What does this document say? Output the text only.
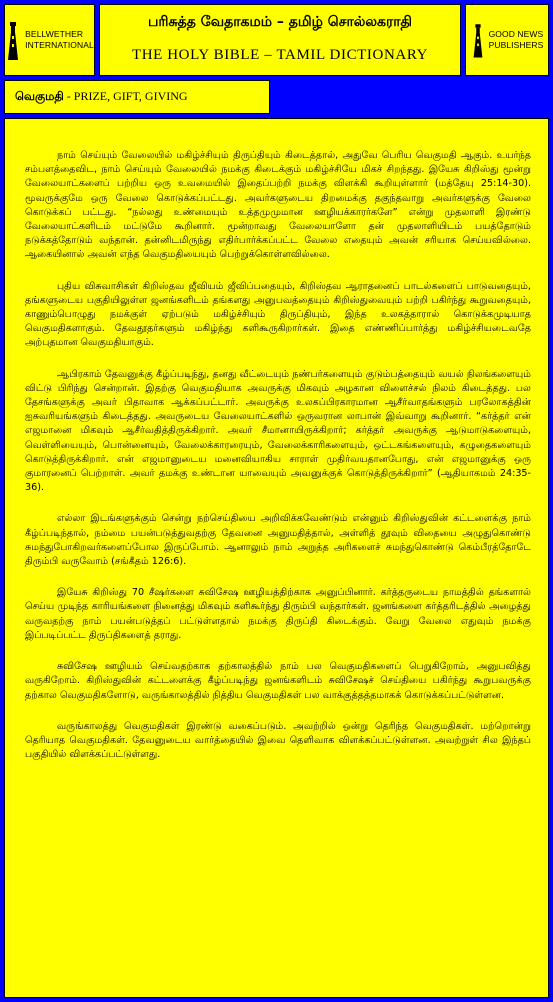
BELLWETHER
INTERNATIONAL
பரிசுத்த வேதாகமம் – தமிழ் சொல்லகராதி
THE HOLY BIBLE – TAMIL DICTIONARY
GOOD NEWS
PUBLISHERS
வெகுமதி - PRIZE, GIFT, GIVING

நாம் செய்யும் வேலையில் மகிழ்ச்சியும் திருப்தியும் கிடைத்தால், அதுவே பெரிய வெகுமதி ஆகும். உயர்ந்த சம்பளத்தைவிட, நாம் செய்யும் வேலையில் நமக்கு கிடைக்கும் மகிழ்ச்சியே மிகச் சிறந்தது. இயேசு கிறிஸ்து மூன்று வேலையாட்களைப் பற்றிய ஒரு உவமையில் இதைப்பற்றி நமக்கு விளக்கி கூறியுள்ளார் (மத்தேயு 25:14-30). மூவருக்குமே ஒரு வேலை கொடுக்கப்பட்டது. அவர்களுடைய திறமைக்கு தகுந்தவாறு அவர்களுக்கு வேலை கொடுக்கப் பட்டது. “நல்லது உண்மையும் உத்தமுமுமான ஊழியக்காரர்களே” என்று முதலாளி இரண்டு வேலையாட்களிடம் மட்டுமே கூறினார். மூன்றாவது வேலையாளோ தன் முதலாளியிடம் பயத்தோடும் நடுக்கத்தோடும் வந்தான். தன்னிடமிருந்து எதிர்பார்க்கப்பட்ட வேலை எதையும் அவன் சரியாக செய்யவில்லை. ஆகையினால் அவன் எந்த வெகுமதியையும் பெற்றுக்கொள்ளவில்லை.

புதிய விசுவாசிகள் கிறிஸ்தவ ஜீவியம் ஜீவிப்பதையும், கிறிஸ்தவ ஆராதனைப் பாடல்களைப் பாடுவதையும், தங்களுடைய பகுதியிலுள்ள ஜனங்களிடம் தங்களது அனுபவத்தையும் கிறிஸ்துவையும் பற்றி பகிர்ந்து கூறுவதையும், காணும்பொழுது நமக்குள் ஏற்படும் மகிழ்ச்சியும் திருப்தியும், இந்த உலகத்தாரால் கொடுக்கமுடியாத வெகுமதிகளாகும். தேவதூதர்களும் மகிழ்ந்து களிகூருகிறார்கள். இதை எண்ணிப்பார்த்து மகிழ்ச்சியடைவதே அற்புதமான வெகுமதியாகும்.

ஆபிரகாம் தேவனுக்கு கீழ்ப்படிந்து, தனது வீட்டையும் நண்பர்களையும் குடும்பத்தையும் வயல் நிலங்களையும் விட்டு பிரிந்து சென்றான். இதற்கு வெகுமதியாக அவருக்கு மிகவும் அழகான விளைச்சல் நிலம் கிடைத்தது. பல தேசங்களுக்கு அவர் பிதாவாக ஆக்கப்பட்டார். அவருக்கு உலகப்பிரகாரமான ஆசீர்வாதங்களும் பரலோகத்தின் ஐசுவரியங்களும் கிடைத்தது. அவருடைய வேலையாட்களில் ஒருவரான லாபான் இவ்வாறு கூறினார். “கர்த்தர் என் எஜமானை மிகவும் ஆசீர்வதித்திருக்கிறார். அவர் சீமானாயிருக்கிறார்; கர்த்தர் அவருக்கு ஆடுமாடுகளையும், வெள்ளியையும், பொன்னையும், வேலைக்காரரையும், வேலைக்காரிகளையும், ஒட்டகங்களையும், கழுதைகளையும் கொடுத்திருக்கிறார். என் எஜமானுடைய மனைவியாகிய சாராள் முதிர்வயதானபோது, என் எஜமானுக்கு ஒரு குமாரனைப் பெற்றாள். அவர் தமக்கு உண்டான யாவையும் அவனுக்குக் கொடுத்திருக்கிறார்” (ஆதியாகமம் 24:35-36).

எல்லா இடங்களுக்கும் சென்று நற்செய்தியை அறிவிக்கவேண்டும் என்னும் கிறிஸ்துவின் கட்டளைக்கு நாம் கீழ்ப்படிந்தால், நம்மை பயன்படுத்துவதற்கு தேவனை அனுமதித்தால், அள்ளித் தூவும் விதையை அழுதுகொண்டு சுமந்துபோகிறவர்களைப்போல இருப்போம். ஆனாலும் நாம் அறுத்த அரிகளைச் சுமந்துகொண்டு கெம்பீரத்தோடே திரும்பி வருவோம் (சங்கீதம் 126:6).

இயேசு கிறிஸ்து 70 சீஷர்களை சுவிசேஷ ஊழியத்திற்காக அனுப்பினார். கர்த்தருடைய நாமத்தில் தங்களால் செய்ய முடிந்த காரியங்களை நினைத்து மிகவும் களிகூர்ந்து திரும்பி வந்தார்கள். ஜனங்களை கர்த்தரிடத்தில் அழைத்து வருவதற்கு நாம் பயன்படுத்தப் பட்டுள்ளதால் நமக்கு திருப்தி கிடைக்கும். வேறு வேலை எதுவும் நமக்கு இப்படிப்பட்ட திருப்திகளைத் தராது.

சுவிசேஷ ஊழியம் செய்வதற்காக தற்காலத்தில் நாம் பல வெகுமதிகளைப் பெறுகிறோம், அனுபவித்து வருகிறோம். கிறிஸ்துவின் கட்டளைக்கு கீழ்ப்படிந்து ஜனங்களிடம் சுவிசேஷச் செய்தியை பகிர்ந்து கூறுபவருக்கு தற்கால வெகுமதிகளோடு, வருங்காலத்தில் நித்திய வெகுமதிகள் பல வாக்குத்தத்தமாகக் கொடுக்கப்பட்டுள்ளன.

வருங்காலத்து வெகுமதிகள் இரண்டு வகைப்படும். அவற்றில் ஒன்று தெரிந்த வெகுமதிகள். மற்றொன்று தெரியாத வெகுமதிகள். தேவனுடைய வார்த்தையில் இவை தெளிவாக விளக்கப்பட்டுள்ளன. அவற்றுள் சில இந்தப் பகுதியில் விளக்கப்பட்டுள்ளது.
